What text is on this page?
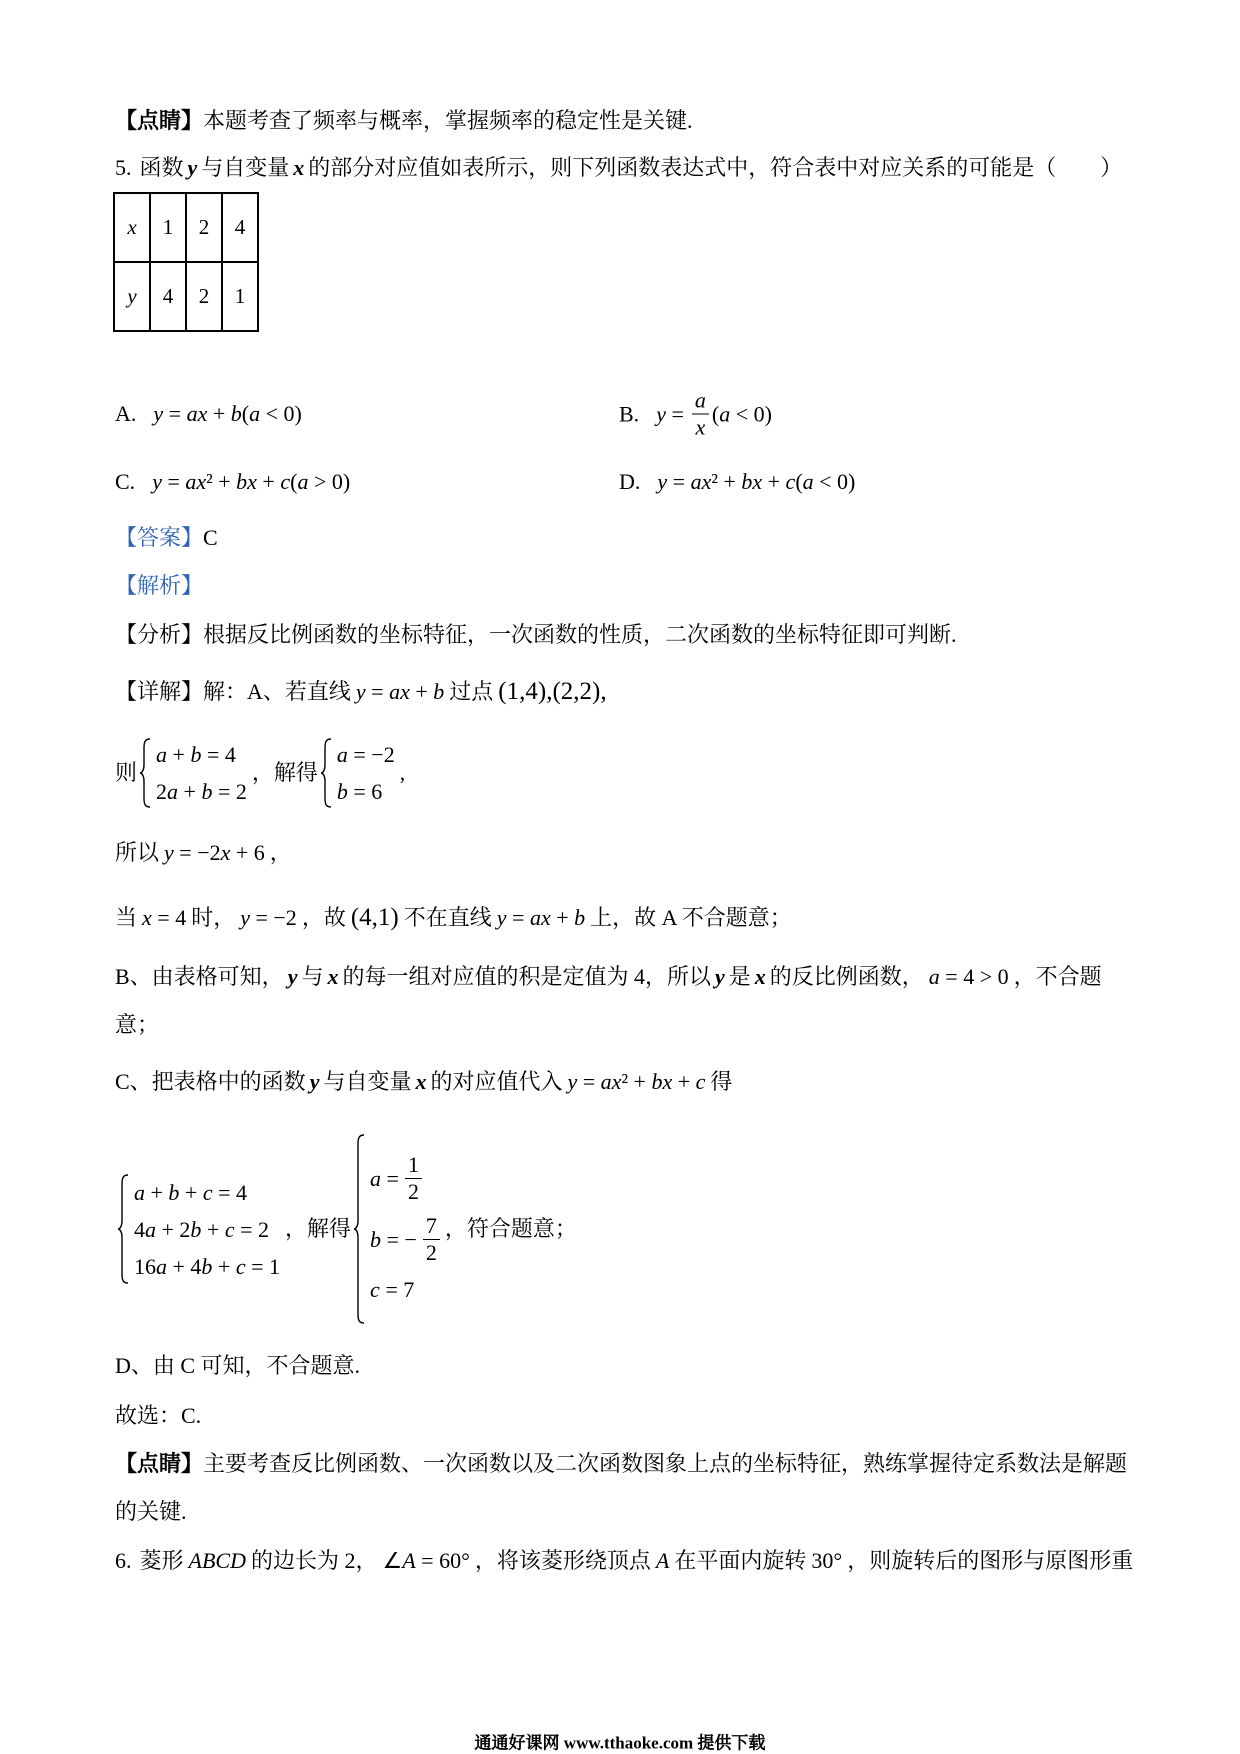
【点睛】 本题考查了频率与概率，掌握频率的稳定性是关键.
5. 函数 y 与自变量 x 的部分对应值如表所示，则下列函数表达式中，符合表中对应关系的可能是（　　）
x	1	2	4
y	4	2	1
A. y = ax + b(a < 0)	B. $y = \frac{a}{x} (a < 0)$
C. y = ax² + bx + c(a > 0)	D. y = ax² + bx + c(a < 0)
【答案】 C
【解析】
【分析】 根据反比例函数的坐标特征，一次函数的性质，二次函数的坐标特征即可判断.
【详解】 解：A、若直线 y = ax + b 过点 (1,4),(2,2),
则
a + b = 4
2a + b = 2
，解得
a = −2
b = 6
,
所以 y = −2x + 6 ，
当 x = 4 时， y = −2 ，故 (4,1) 不在直线 y = ax + b 上，故 A 不合题意；
B、由表格可知， y 与 x 的每一组对应值的积是定值为 4，所以 y 是 x 的反比例函数， a = 4 > 0 ，不合题
意；
C、把表格中的函数 y 与自变量 x 的对应值代入 y = ax² + bx + c 得
a + b + c = 4
4a + 2b + c = 2
16a + 4b + c = 1
，解得
$a = \frac{1}{2}$
b = − $\frac{7}{2}$
c = 7
，符合题意；
D、由 C 可知，不合题意.
故选：C.
【点睛】 主要考查反比例函数、一次函数以及二次函数图象上点的坐标特征，熟练掌握待定系数法是解题
的关键.
6. 菱形 ABCD 的边长为 2， ∠A = 60° ，将该菱形绕顶点 A 在平面内旋转 30° ，则旋转后的图形与原图形重
通通好课网 www.tthaoke.com 提供下载
